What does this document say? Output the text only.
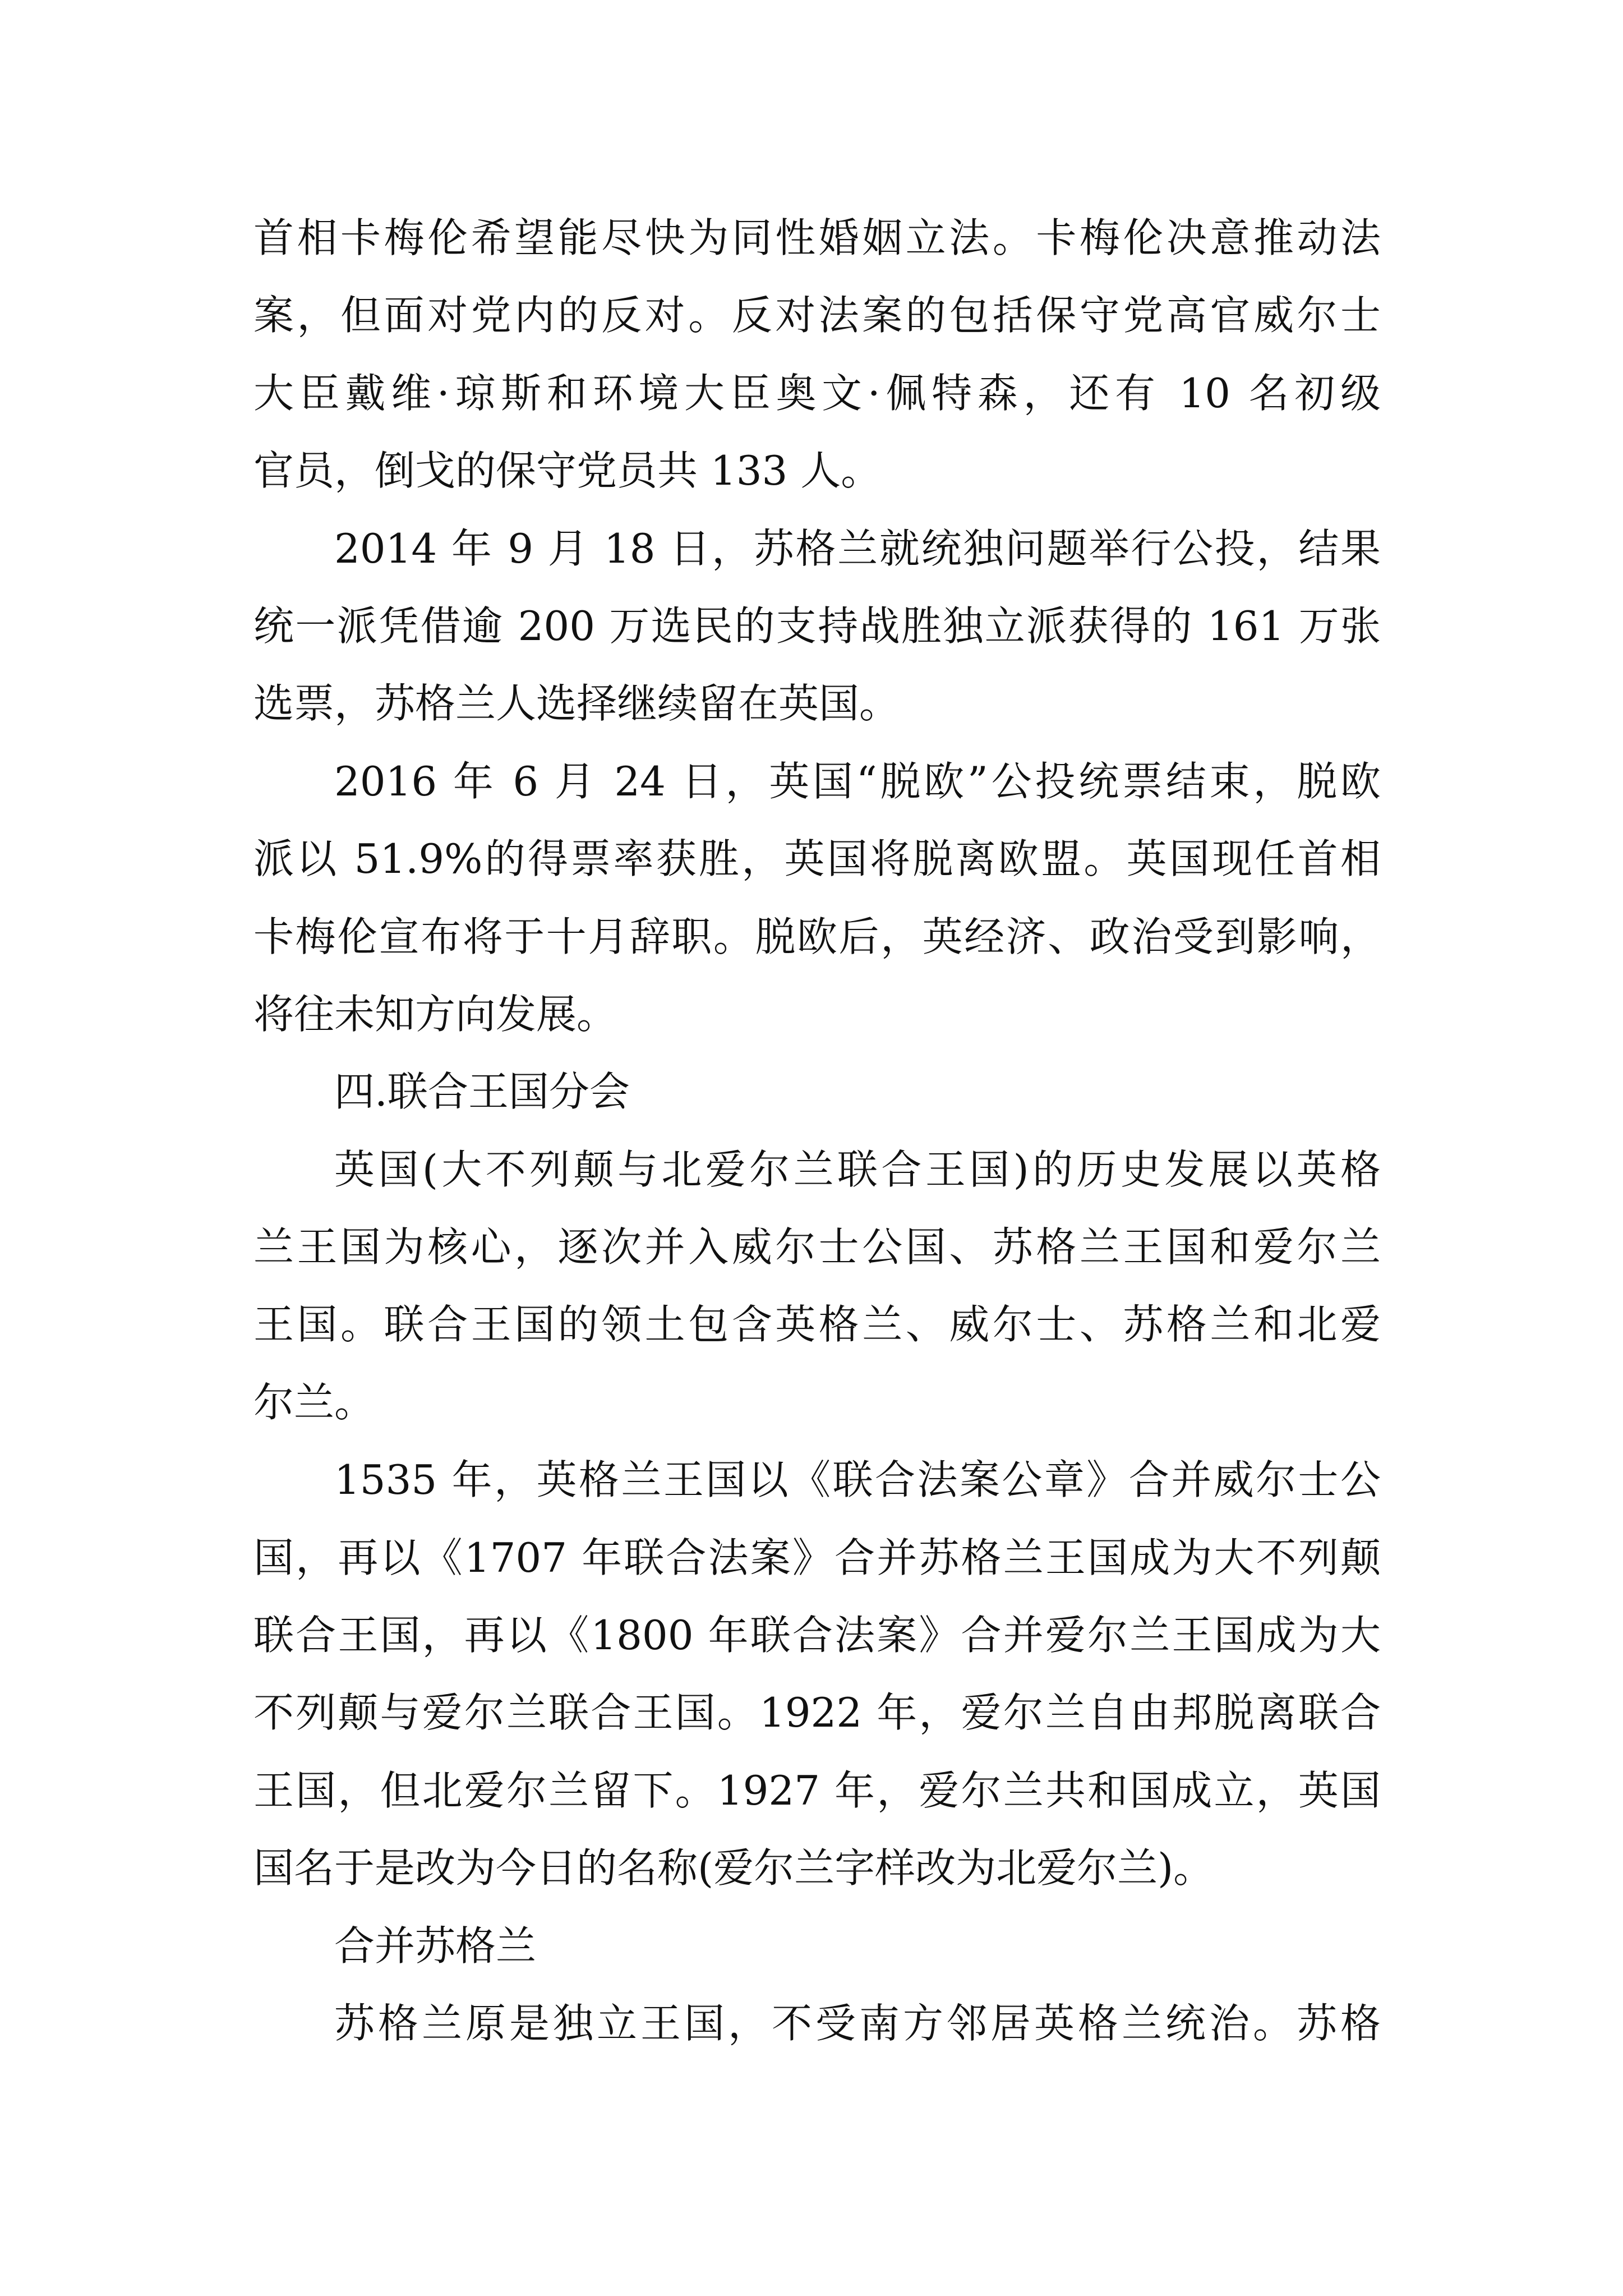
首相卡梅伦希望能尽快为同性婚姻立法。卡梅伦决意推动法
案，但面对党内的反对。反对法案的包括保守党高官威尔士
大臣戴维·琼斯和环境大臣奥文·佩特森，还有 10 名初级
官员，倒戈的保守党员共 133 人。
2014 年 9 月 18 日，苏格兰就统独问题举行公投，结果
统一派凭借逾 200 万选民的支持战胜独立派获得的 161 万张
选票，苏格兰人选择继续留在英国。
2016 年 6 月 24 日，英国“脱欧”公投统票结束，脱欧
派以 51.9%的得票率获胜，英国将脱离欧盟。英国现任首相
卡梅伦宣布将于十月辞职。脱欧后，英经济、政治受到影响，
将往未知方向发展。
四.联合王国分会
英国(大不列颠与北爱尔兰联合王国)的历史发展以英格
兰王国为核心，逐次并入威尔士公国、苏格兰王国和爱尔兰
王国。联合王国的领土包含英格兰、威尔士、苏格兰和北爱
尔兰。
1535 年，英格兰王国以《联合法案公章》合并威尔士公
国，再以《1707 年联合法案》合并苏格兰王国成为大不列颠
联合王国，再以《1800 年联合法案》合并爱尔兰王国成为大
不列颠与爱尔兰联合王国。1922 年，爱尔兰自由邦脱离联合
王国，但北爱尔兰留下。1927 年，爱尔兰共和国成立，英国
国名于是改为今日的名称(爱尔兰字样改为北爱尔兰)。
合并苏格兰
苏格兰原是独立王国，不受南方邻居英格兰统治。苏格
